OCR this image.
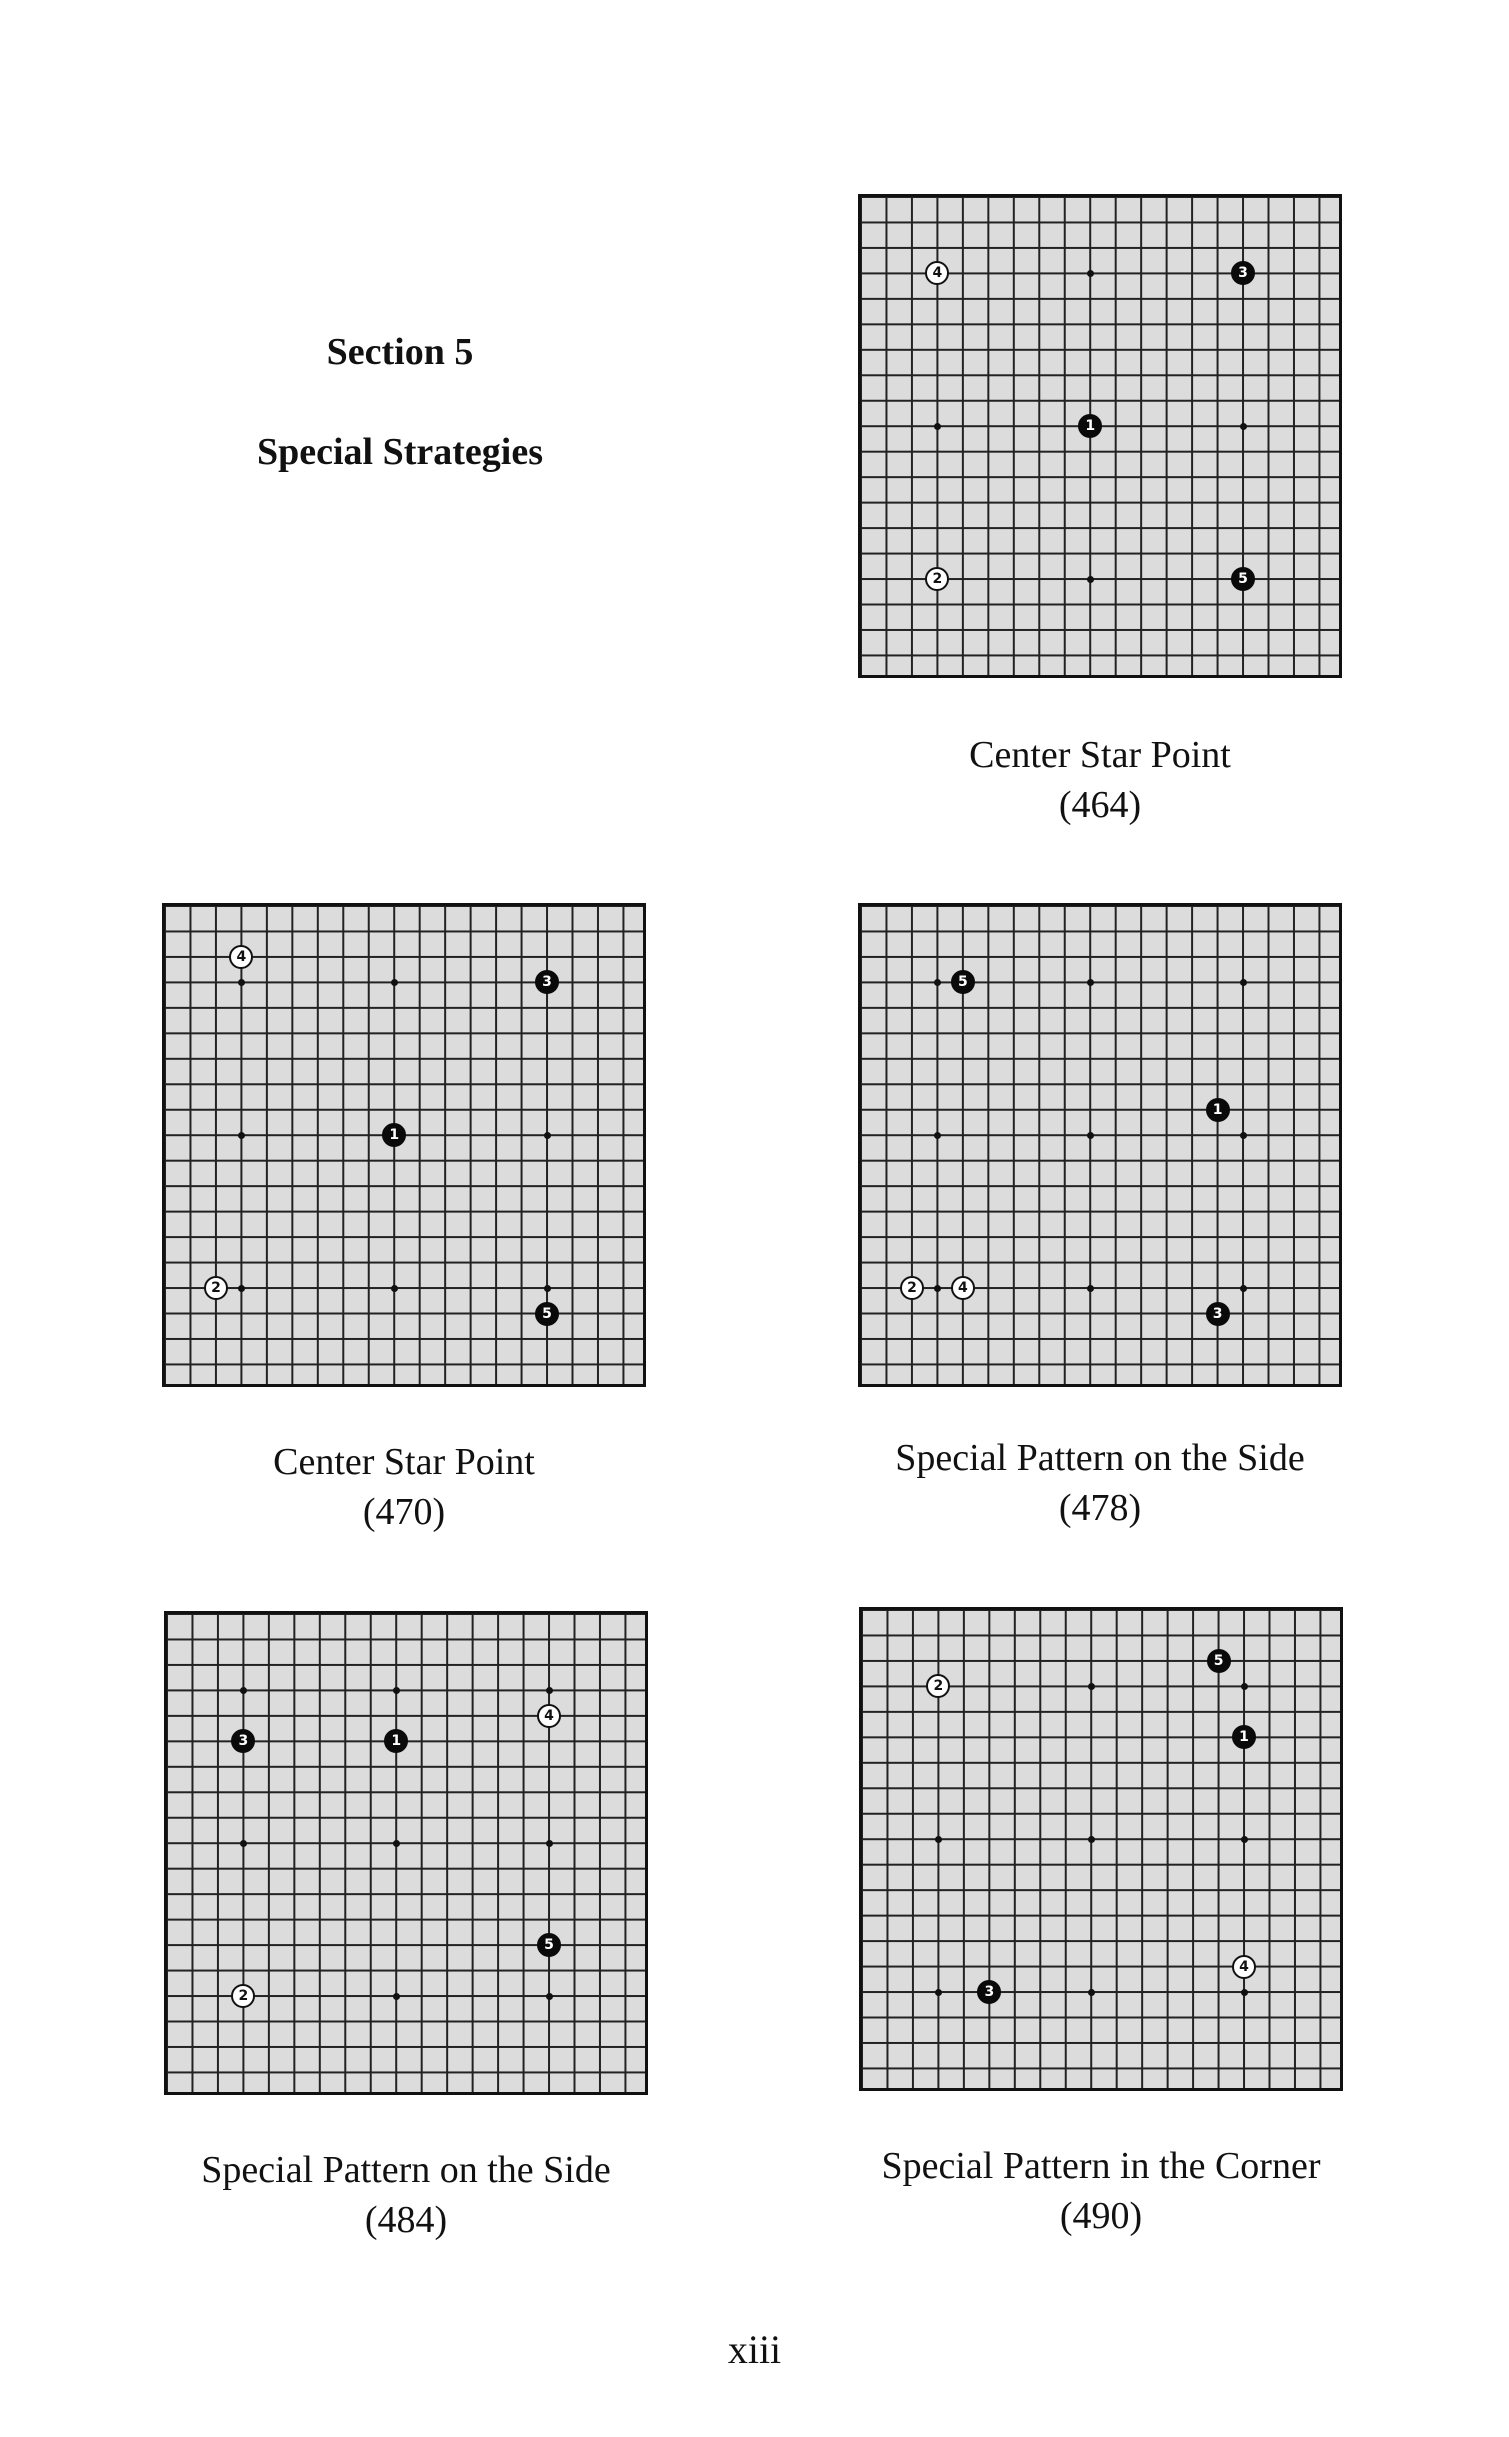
Section 5
Special Strategies
1
2
3
4
5
Center Star Point
(464)
1
2
3
4
5
Center Star Point
(470)
1
2
3
4
5
Special Pattern on the Side
(478)
1
2
3
4
5
Special Pattern on the Side
(484)
1
2
3
4
5
Special Pattern in the Corner
(490)
xiii
